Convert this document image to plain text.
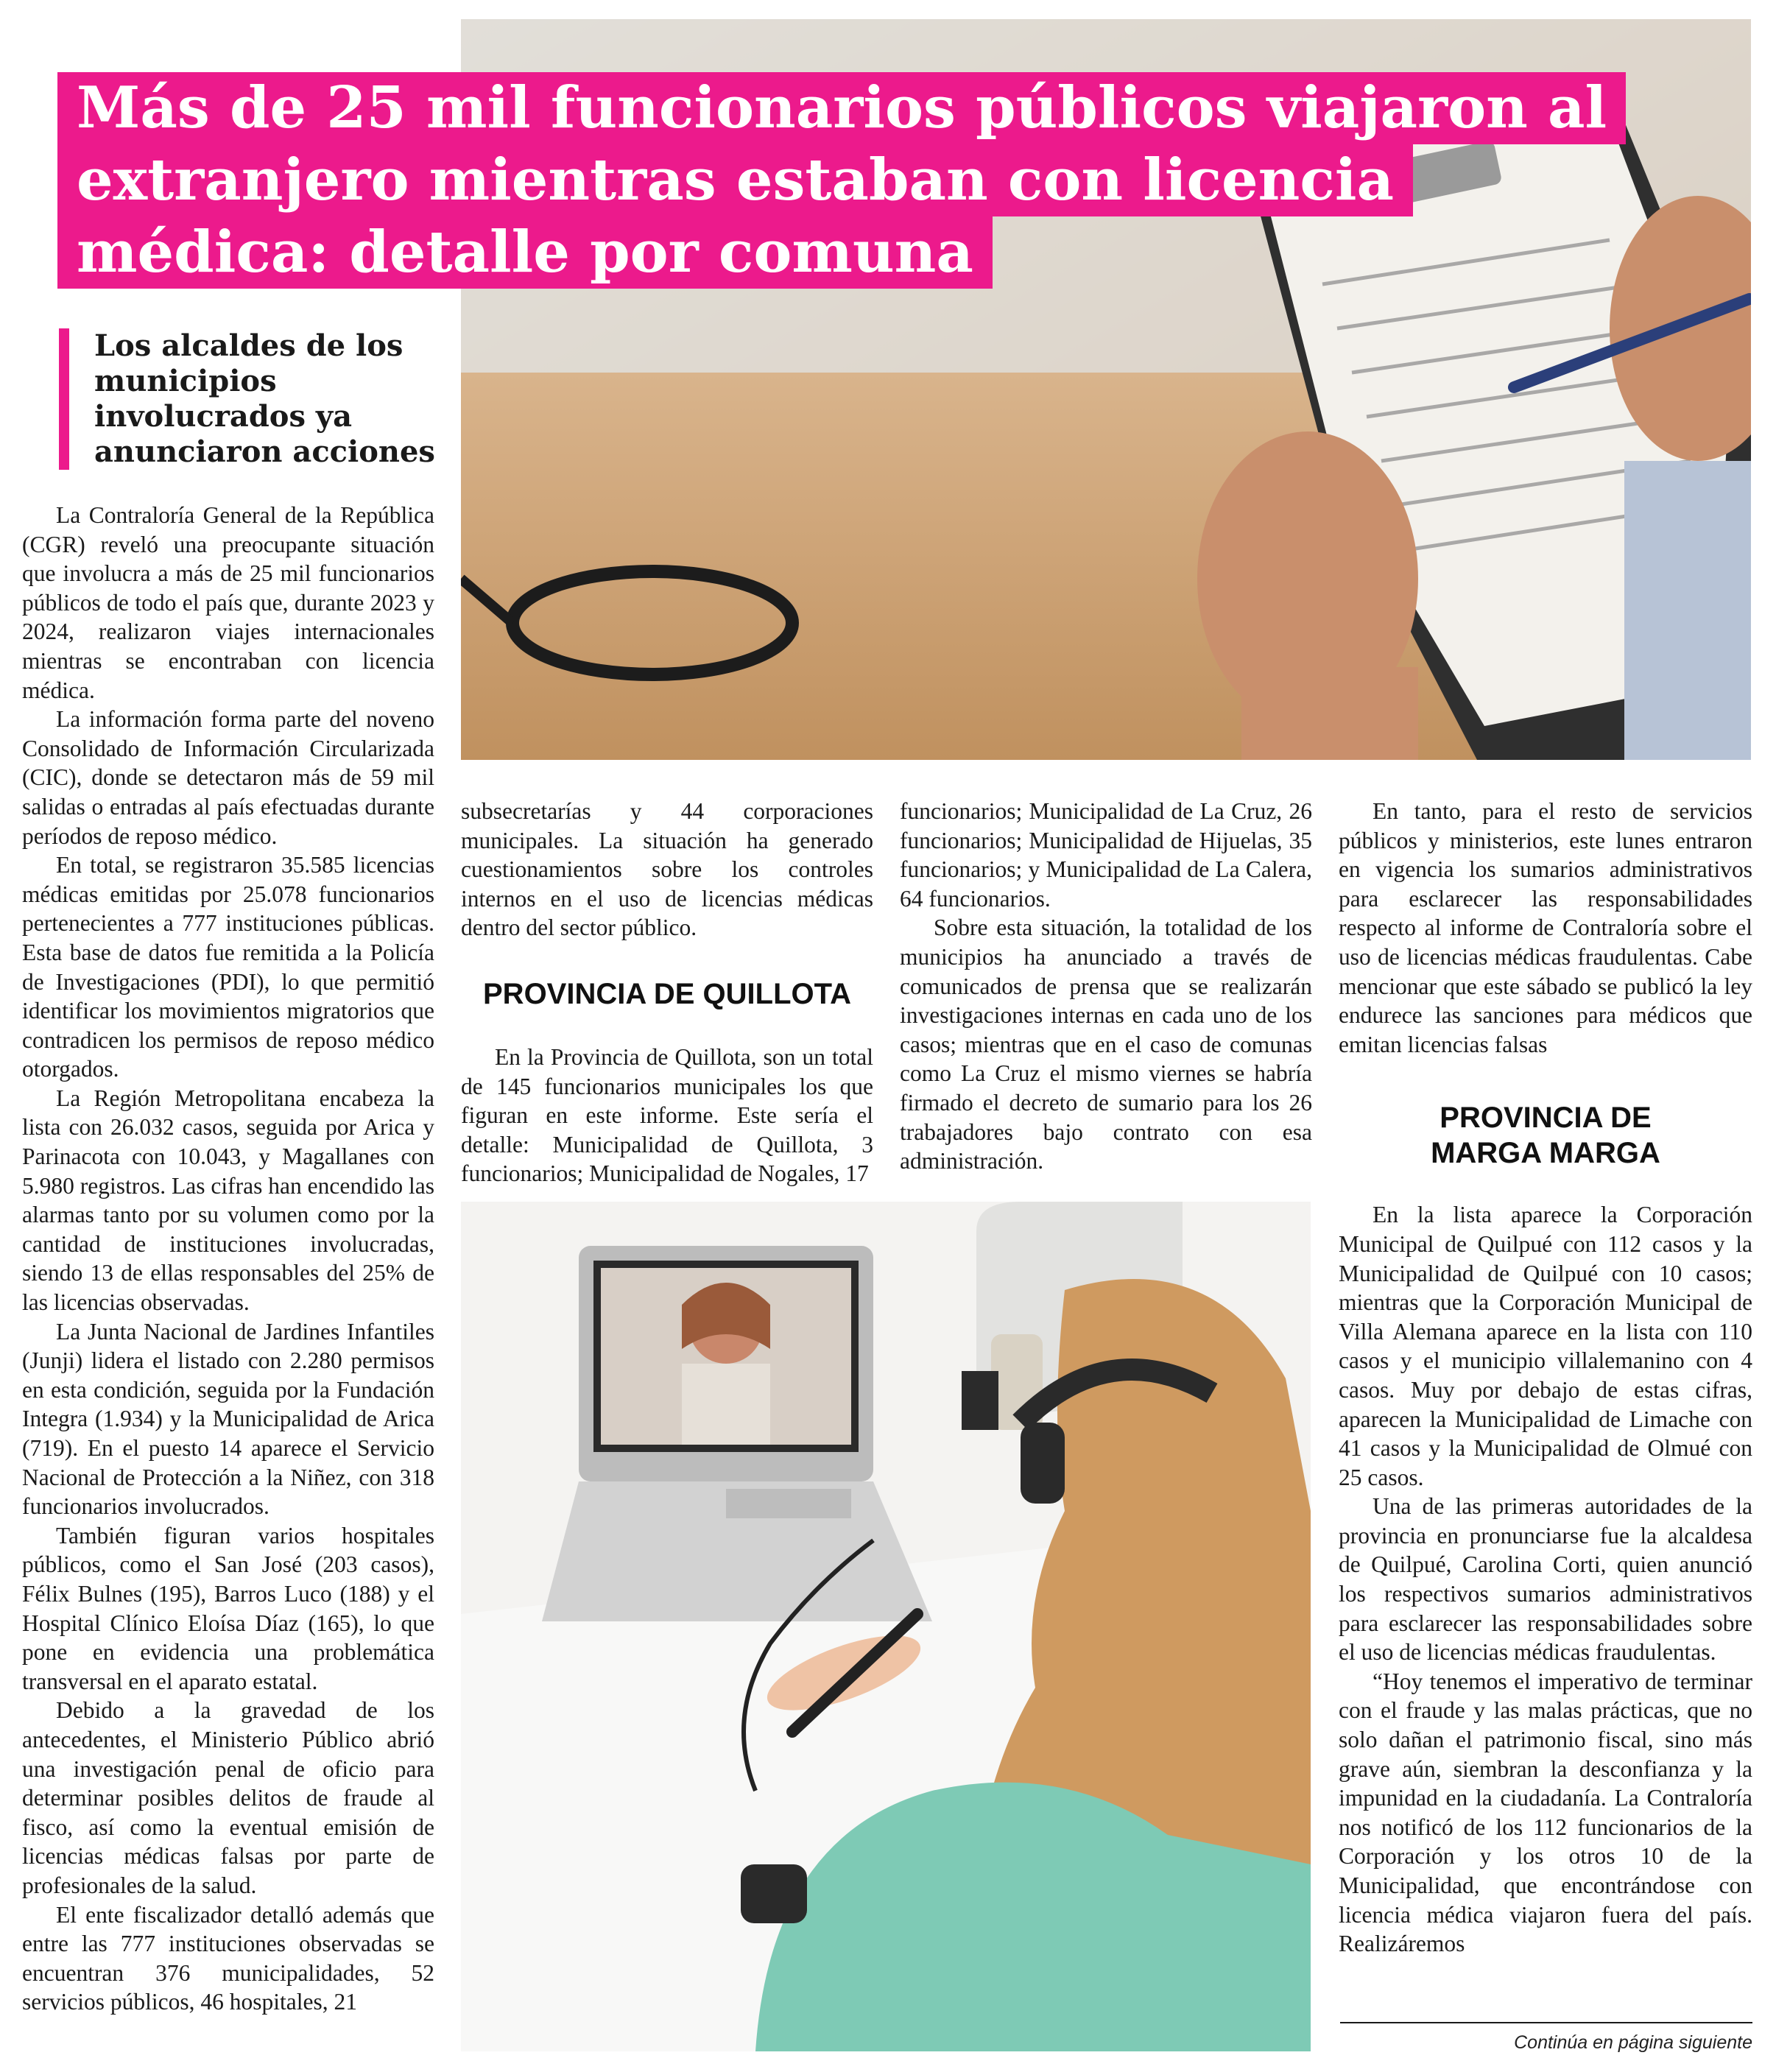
Más de 25 mil funcionarios públicos viajaron al
extranjero mientras estaban con licencia
médica: detalle por comuna
Los alcaldes de los municipios involucrados ya anunciaron acciones

La Contraloría General de la República (CGR) reveló una preocupante situación que involucra a más de 25 mil funcionarios públicos de todo el país que, durante 2023 y 2024, realizaron viajes internacionales mientras se encontraban con licencia médica.

La información forma parte del noveno Consolidado de Información Circularizada (CIC), donde se detectaron más de 59 mil salidas o entradas al país efectuadas durante períodos de reposo médico.

En total, se registraron 35.585 licencias médicas emitidas por 25.078 funcionarios pertenecientes a 777 instituciones públicas. Esta base de datos fue remitida a la Policía de Investigaciones (PDI), lo que permitió identificar los movimientos migratorios que contradicen los permisos de reposo médico otorgados.

La Región Metropolitana encabeza la lista con 26.032 casos, seguida por Arica y Parinacota con 10.043, y Magallanes con 5.980 registros. Las cifras han encendido las alarmas tanto por su volumen como por la cantidad de instituciones involucradas, siendo 13 de ellas responsables del 25% de las licencias observadas.

La Junta Nacional de Jardines Infantiles (Junji) lidera el listado con 2.280 permisos en esta condición, seguida por la Fundación Integra (1.934) y la Municipalidad de Arica (719). En el puesto 14 aparece el Servicio Nacional de Protección a la Niñez, con 318 funcionarios involucrados.

También figuran varios hospitales públicos, como el San José (203 casos), Félix Bulnes (195), Barros Luco (188) y el Hospital Clínico Eloísa Díaz (165), lo que pone en evidencia una problemática transversal en el aparato estatal.

Debido a la gravedad de los antecedentes, el Ministerio Público abrió una investigación penal de oficio para determinar posibles delitos de fraude al fisco, así como la eventual emisión de licencias médicas falsas por parte de profesionales de la salud.

El ente fiscalizador detalló además que entre las 777 instituciones observadas se encuentran 376 municipalidades, 52 servicios públicos, 46 hospitales, 21

subsecretarías y 44 corporaciones municipales. La situación ha generado cuestionamientos sobre los controles internos en el uso de licencias médicas dentro del sector público.

PROVINCIA DE QUILLOTA

En la Provincia de Quillota, son un total de 145 funcionarios municipales los que figuran en este informe. Este sería el detalle: Municipalidad de Quillota, 3 funcionarios; Municipalidad de Nogales, 17

funcionarios; Municipalidad de La Cruz, 26 funcionarios; Municipalidad de Hijuelas, 35 funcionarios; y Municipalidad de La Calera, 64 funcionarios.

Sobre esta situación, la totalidad de los municipios ha anunciado a través de comunicados de prensa que se realizarán investigaciones internas en cada uno de los casos; mientras que en el caso de comunas como La Cruz el mismo viernes se habría firmado el decreto de sumario para los 26 trabajadores bajo contrato con esa administración.

En tanto, para el resto de servicios públicos y ministerios, este lunes entraron en vigencia los sumarios administrativos para esclarecer las responsabilidades respecto al informe de Contraloría sobre el uso de licencias médicas fraudulentas. Cabe mencionar que este sábado se publicó la ley endurece las sanciones para médicos que emitan licencias falsas

PROVINCIA DE
MARGA MARGA

En la lista aparece la Corporación Municipal de Quilpué con 112 casos y la Municipalidad de Quilpué con 10 casos; mientras que la Corporación Municipal de Villa Alemana aparece en la lista con 110 casos y el municipio villalemanino con 4 casos. Muy por debajo de estas cifras, aparecen la Municipalidad de Limache con 41 casos y la Municipalidad de Olmué con 25 casos.

Una de las primeras autoridades de la provincia en pronunciarse fue la alcaldesa de Quilpué, Carolina Corti, quien anunció los respectivos sumarios administrativos para esclarecer las responsabilidades sobre el uso de licencias médicas fraudulentas.

“Hoy tenemos el imperativo de terminar con el fraude y las malas prácticas, que no solo dañan el patrimonio fiscal, sino más grave aún, siembran la desconfianza y la impunidad en la ciudadanía. La Contraloría nos notificó de los 112 funcionarios de la Corporación y los otros 10 de la Municipalidad, que encontrándose con licencia médica viajaron fuera del país. Realizáremos

Continúa en página siguiente
